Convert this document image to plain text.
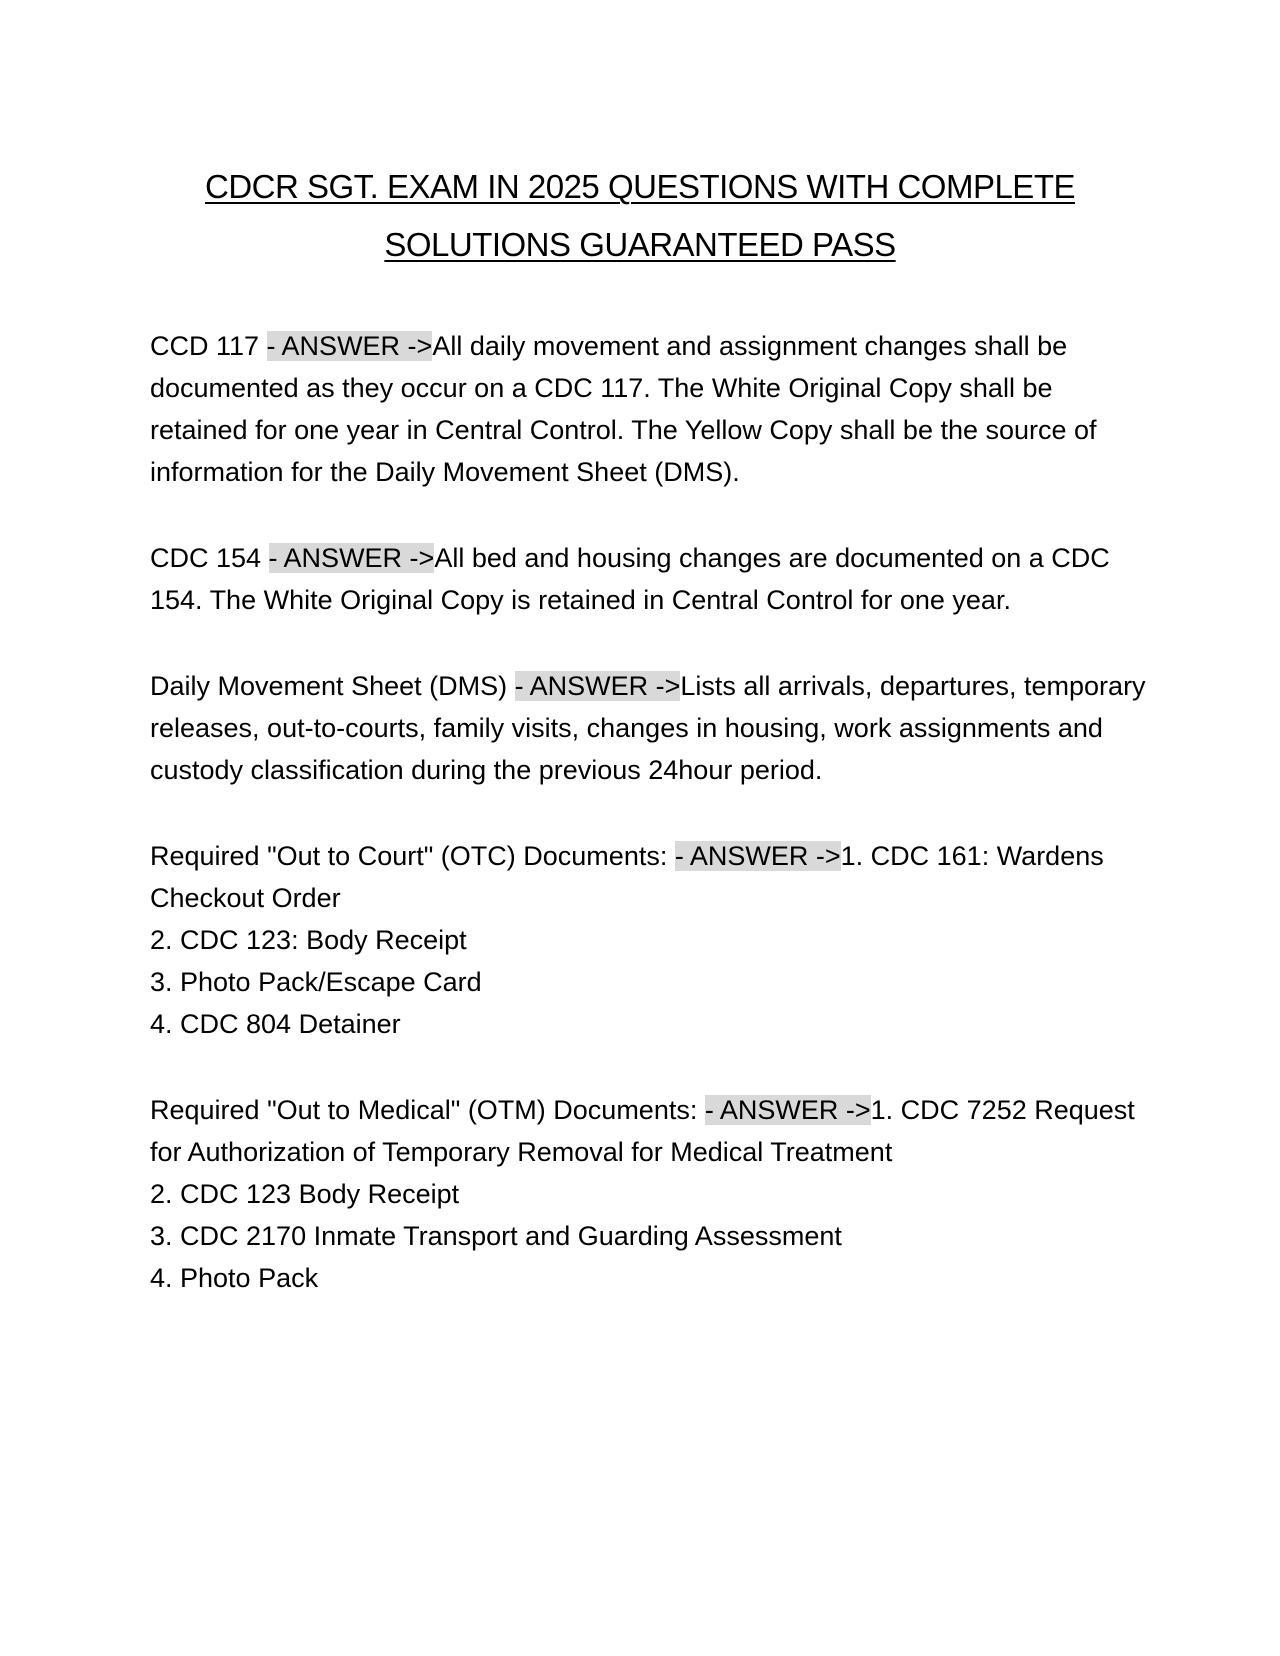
CDCR SGT. EXAM IN 2025 QUESTIONS WITH COMPLETE
SOLUTIONS GUARANTEED PASS
CCD 117 - ANSWER ->All daily movement and assignment changes shall be documented as they occur on a CDC 117. The White Original Copy shall be retained for one year in Central Control. The Yellow Copy shall be the source of information for the Daily Movement Sheet (DMS).
CDC 154 - ANSWER ->All bed and housing changes are documented on a CDC 154. The White Original Copy is retained in Central Control for one year.
Daily Movement Sheet (DMS) - ANSWER ->Lists all arrivals, departures, temporary releases, out-to-courts, family visits, changes in housing, work assignments and custody classification during the previous 24hour period.
Required "Out to Court" (OTC) Documents: - ANSWER ->1. CDC 161: Wardens Checkout Order
2. CDC 123: Body Receipt
3. Photo Pack/Escape Card
4. CDC 804 Detainer
Required "Out to Medical" (OTM) Documents: - ANSWER ->1. CDC 7252 Request for Authorization of Temporary Removal for Medical Treatment
2. CDC 123 Body Receipt
3. CDC 2170 Inmate Transport and Guarding Assessment
4. Photo Pack
